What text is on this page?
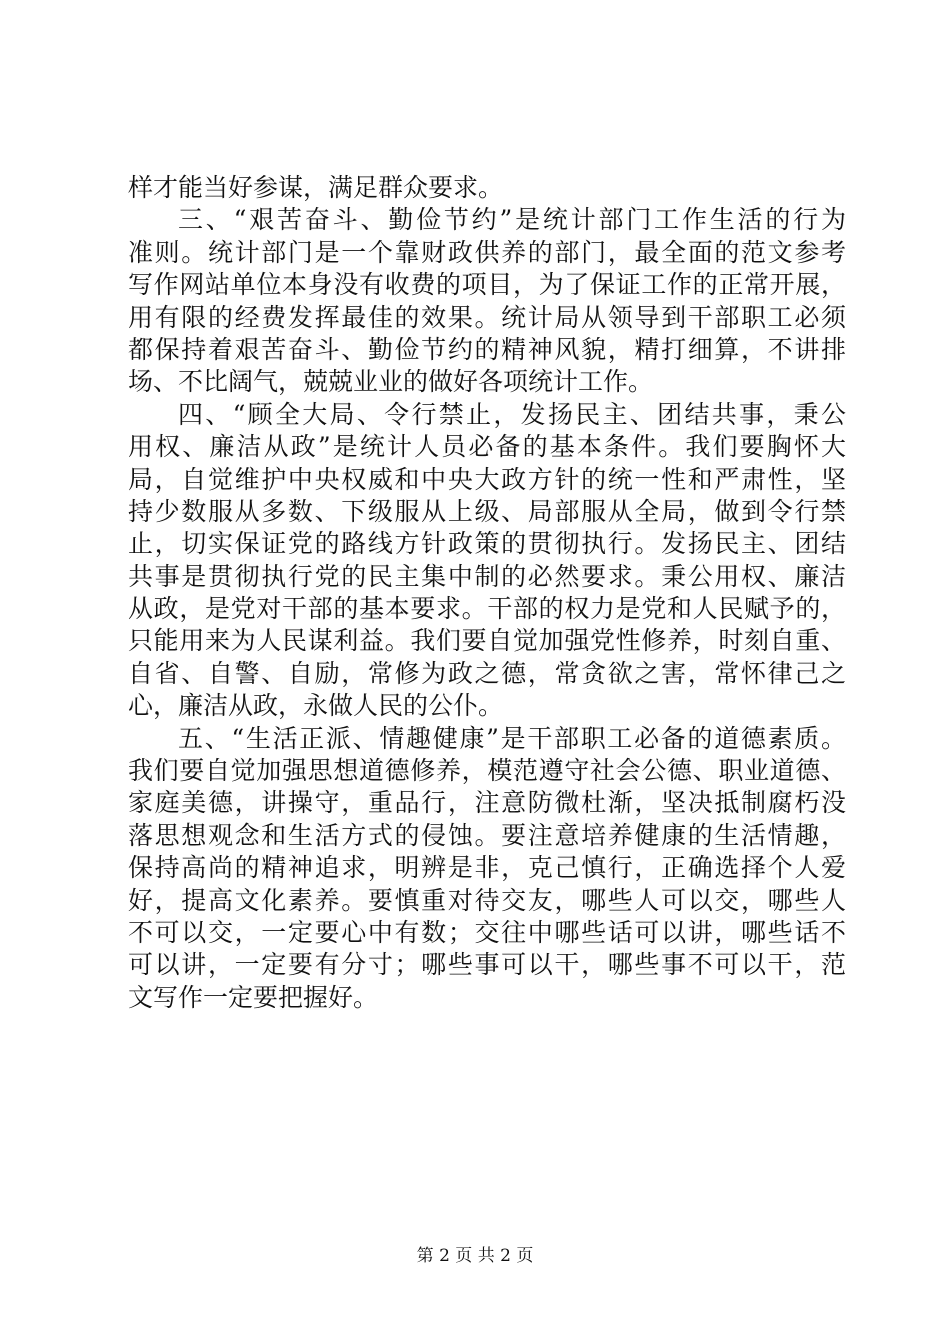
样才能当好参谋，满足群众要求。
三、“艰苦奋斗、勤俭节约”是统计部门工作生活的行为
准则。统计部门是一个靠财政供养的部门，最全面的范文参考
写作网站单位本身没有收费的项目，为了保证工作的正常开展，
用有限的经费发挥最佳的效果。统计局从领导到干部职工必须
都保持着艰苦奋斗、勤俭节约的精神风貌，精打细算，不讲排
场、不比阔气，兢兢业业的做好各项统计工作。
四、“顾全大局、令行禁止，发扬民主、团结共事，秉公
用权、廉洁从政”是统计人员必备的基本条件。我们要胸怀大
局，自觉维护中央权威和中央大政方针的统一性和严肃性，坚
持少数服从多数、下级服从上级、局部服从全局，做到令行禁
止，切实保证党的路线方针政策的贯彻执行。发扬民主、团结
共事是贯彻执行党的民主集中制的必然要求。秉公用权、廉洁
从政，是党对干部的基本要求。干部的权力是党和人民赋予的，
只能用来为人民谋利益。我们要自觉加强党性修养，时刻自重、
自省、自警、自励，常修为政之德，常贪欲之害，常怀律己之
心，廉洁从政，永做人民的公仆。
五、“生活正派、情趣健康”是干部职工必备的道德素质。
我们要自觉加强思想道德修养，模范遵守社会公德、职业道德、
家庭美德，讲操守，重品行，注意防微杜渐，坚决抵制腐朽没
落思想观念和生活方式的侵蚀。要注意培养健康的生活情趣，
保持高尚的精神追求，明辨是非，克己慎行，正确选择个人爱
好，提高文化素养。要慎重对待交友，哪些人可以交，哪些人
不可以交，一定要心中有数；交往中哪些话可以讲，哪些话不
可以讲，一定要有分寸；哪些事可以干，哪些事不可以干，范
文写作一定要把握好。
第 2 页 共 2 页
